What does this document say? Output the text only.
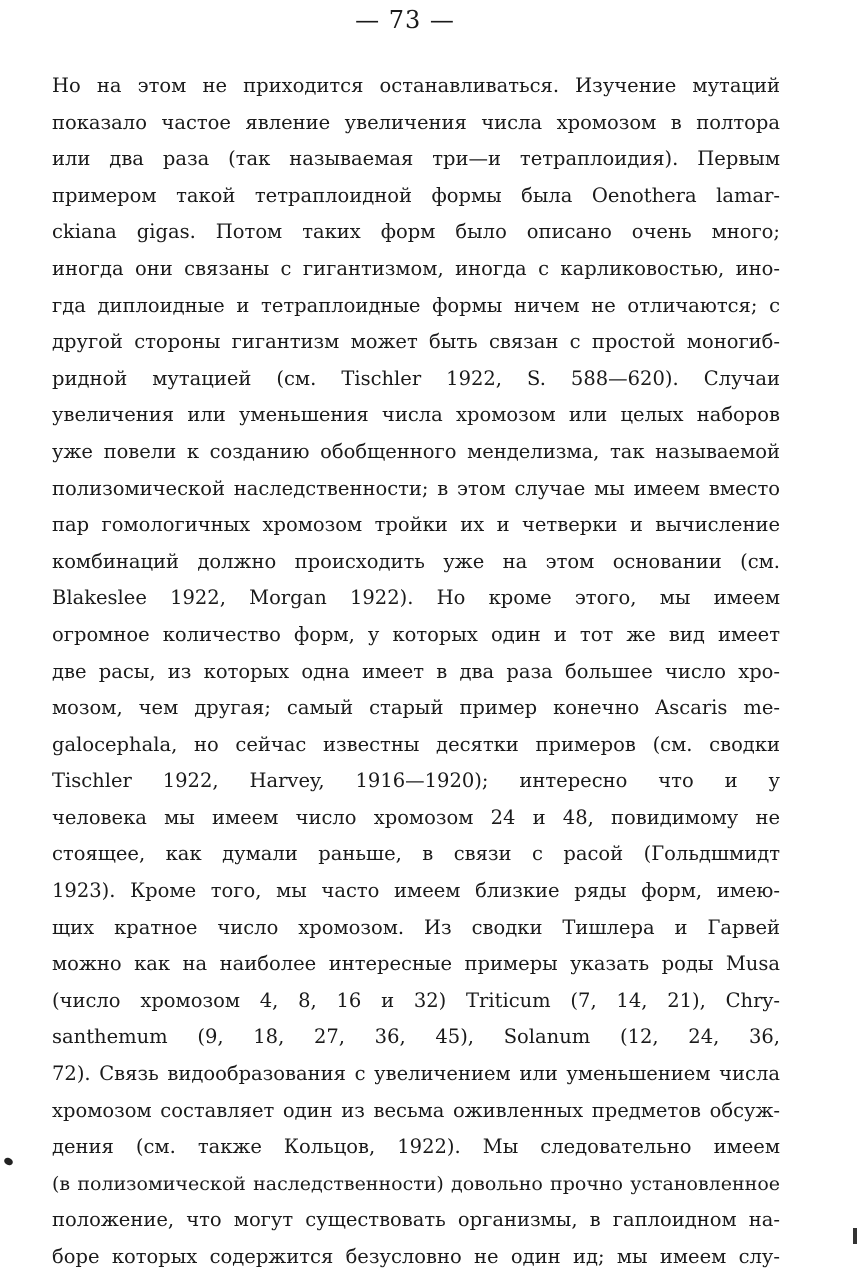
— 73 —
Но на этом не приходится останавливаться. Изучение мутаций
показало частое явление увеличения числа хромозом в полтора
или два раза (так называемая три—и тетраплоидия). Первым
примером такой тетраплоидной формы была Oenothera lamar-
ckiana gigas. Потом таких форм было описано очень много;
иногда они связаны с гигантизмом, иногда с карликовостью, ино-
гда диплоидные и тетраплоидные формы ничем не отличаются; с
другой стороны гигантизм может быть связан с простой моногиб-
ридной мутацией (см. Tischler 1922, S. 588—620). Случаи
увеличения или уменьшения числа хромозом или целых наборов
уже повели к созданию обобщенного менделизма, так называемой
полизомической наследственности; в этом случае мы имеем вместо
пар гомологичных хромозом тройки их и четверки и вычисление
комбинаций должно происходить уже на этом основании (см.
Blakeslee 1922, Morgan 1922). Но кроме этого, мы имеем
огромное количество форм, у которых один и тот же вид имеет
две расы, из которых одна имеет в два раза большее число хро-
мозом, чем другая; самый старый пример конечно Ascaris me-
galocephala, но сейчас известны десятки примеров (см. сводки
Tischler 1922, Harvey, 1916—1920); интересно что и у
человека мы имеем число хромозом 24 и 48, повидимому не
стоящее, как думали раньше, в связи с расой (Гольдшмидт
1923). Кроме того, мы часто имеем близкие ряды форм, имею-
щих кратное число хромозом. Из сводки Тишлера и Гарвей
можно как на наиболее интересные примеры указать роды Musa
(число хромозом 4, 8, 16 и 32) Triticum (7, 14, 21), Chry-
santhemum (9, 18, 27, 36, 45), Solanum (12, 24, 36,
72). Связь видообразования с увеличением или уменьшением числа
хромозом составляет один из весьма оживленных предметов обсуж-
дения (см. также Кольцов, 1922). Мы следовательно имеем
(в полизомической наследственности) довольно прочно установленное
положение, что могут существовать организмы, в гаплоидном на-
боре которых содержится безусловно не один ид; мы имеем слу-
